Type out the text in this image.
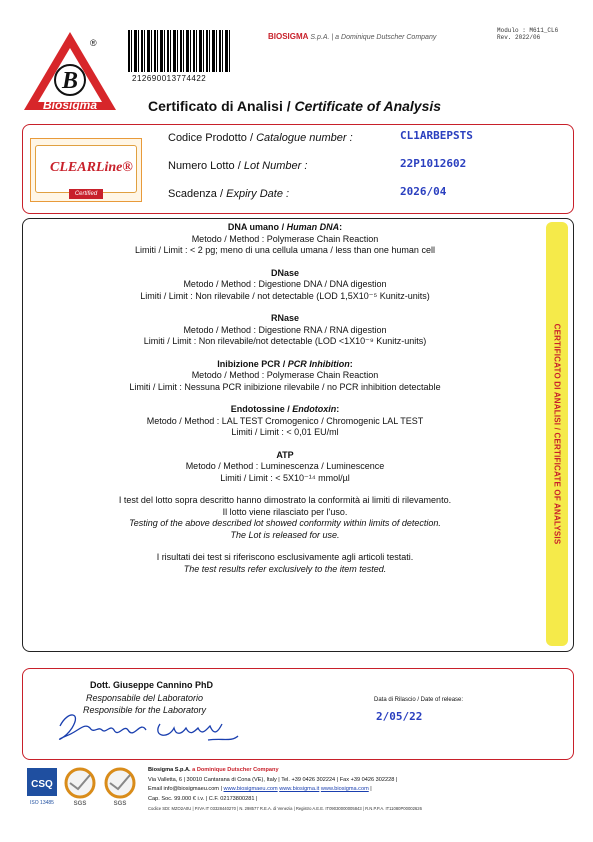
B
Biosigma
®
212690013774422
BIOSIGMA S.p.A. | a Dominique Dutscher Company
Modulo : M611_CL6
Rev. 2022/06
Certificato di Analisi / Certificate of Analysis
CLEARLine®
Certified
Codice Prodotto / Catalogue number :	CL1ARBEPSTS
Numero Lotto / Lot Number :	22P1012602
Scadenza / Expiry Date :	2026/04
CERTIFICATO DI ANALISI / CERTIFICATE OF ANALYSIS

DNA umano / Human DNA:

Metodo / Method : Polymerase Chain Reaction

Limiti / Limit : < 2 pg; meno di una cellula umana / less than one human cell

DNase

Metodo / Method : Digestione DNA / DNA digestion

Limiti / Limit : Non rilevabile / not detectable (LOD 1,5X10⁻⁵ Kunitz-units)

RNase

Metodo / Method : Digestione RNA / RNA digestion

Limiti / Limit : Non rilevabile/not detectable (LOD <1X10⁻⁹ Kunitz-units)

Inibizione PCR / PCR Inhibition:

Metodo / Method : Polymerase Chain Reaction

Limiti / Limit : Nessuna PCR inibizione rilevabile / no PCR inhibition detectable

Endotossine / Endotoxin:

Metodo / Method : LAL TEST Cromogenico / Chromogenic LAL TEST

Limiti / Limit : < 0,01 EU/ml

ATP

Metodo / Method : Luminescenza / Luminescence

Limiti / Limit : < 5X10⁻¹⁴ mmol/µl

I test del lotto sopra descritto hanno dimostrato la conformità ai limiti di rilevamento.

Il lotto viene rilasciato per l'uso.

Testing of the above described lot showed conformity within limits of detection.

The Lot is released for use.

I risultati dei test si riferiscono esclusivamente agli articoli testati.

The test results refer exclusively to the item tested.

Dott. Giuseppe Cannino PhD
Responsabile del Laboratorio
Responsible for the Laboratory
Data di Rilascio / Date of release:
2/05/22
CSQ
ISO 13485	SGS	SGS
Biosigma S.p.A. a Dominique Dutscher Company
Via Valletta, 6 | 30010 Cantarana di Cona (VE), Italy | Tel. +39 0426 302224 | Fax +39 0426 302228 |
Email info@biosigmaeu.com | www.biosigmaeu.com www.biosigma.it www.biosigma.com |
Cap. Soc. 99.000 € i.v. | C.F. 02173800281 |
Codice SDI: MZO2A0U | P.IVA IT 03328440270 | N. 298577 R.E.A. di Venezia | Registro A.E.E. IT09030000005843 | R.N.P.P.A. IT11080P00002626
